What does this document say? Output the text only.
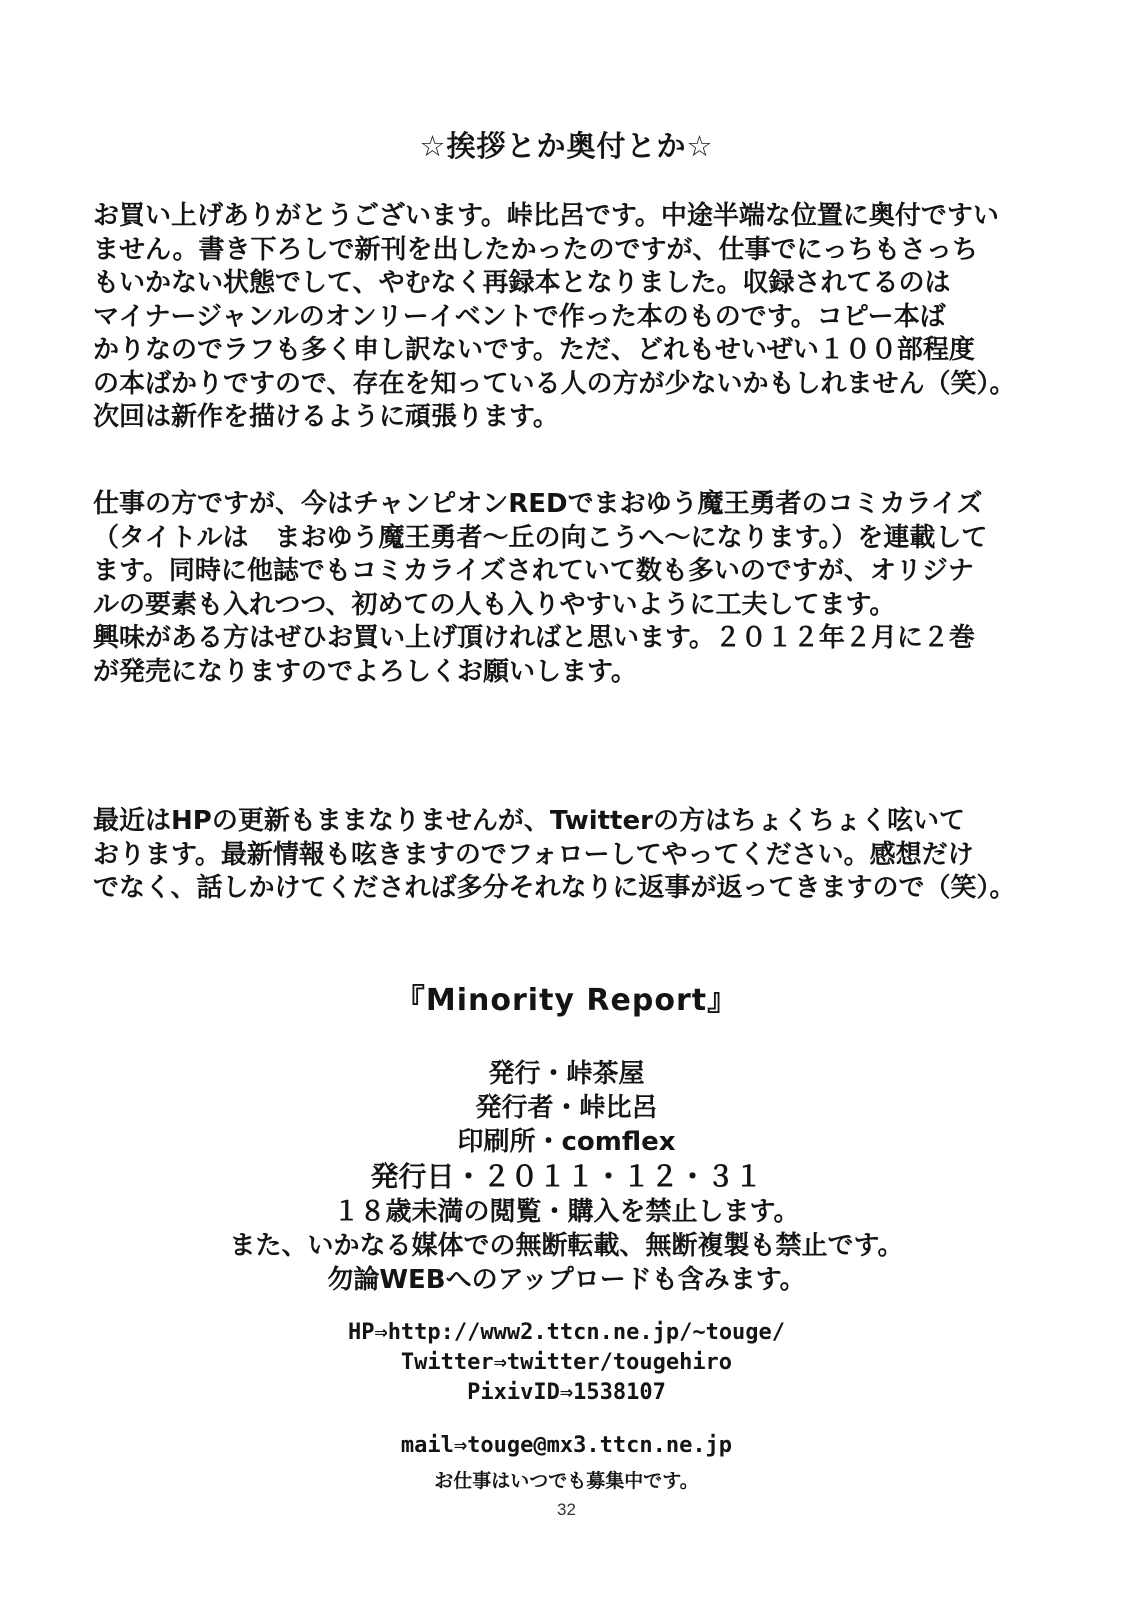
☆挨拶とか奥付とか☆

お買い上げありがとうございます。峠比呂です。中途半端な位置に奥付ですい
ません。書き下ろしで新刊を出したかったのですが、仕事でにっちもさっち
もいかない状態でして、やむなく再録本となりました。収録されてるのは
マイナージャンルのオンリーイベントで作った本のものです。コピー本ば
かりなのでラフも多く申し訳ないです。ただ、どれもせいぜい１００部程度
の本ばかりですので、存在を知っている人の方が少ないかもしれません（笑）。
次回は新作を描けるように頑張ります。

仕事の方ですが、今はチャンピオンREDでまおゆう魔王勇者のコミカライズ
（タイトルは　まおゆう魔王勇者～丘の向こうへ～になります。）を連載して
ます。同時に他誌でもコミカライズされていて数も多いのですが、オリジナ
ルの要素も入れつつ、初めての人も入りやすいように工夫してます。
興味がある方はぜひお買い上げ頂ければと思います。２０１２年２月に２巻
が発売になりますのでよろしくお願いします。

最近はHPの更新もままなりませんが、Twitterの方はちょくちょく呟いて
おります。最新情報も呟きますのでフォローしてやってください。感想だけ
でなく、話しかけてくだされば多分それなりに返事が返ってきますので（笑）。

『Minority Report』
発行・峠茶屋
発行者・峠比呂
印刷所・comflex
発行日・２０１１・１２・３１
１８歳未満の閲覧・購入を禁止します。
また、いかなる媒体での無断転載、無断複製も禁止です。
勿論WEBへのアップロードも含みます。
HP⇒http://www2.ttcn.ne.jp/~touge/
Twitter⇒twitter/tougehiro
PixivID⇒1538107
mail⇒touge@mx3.ttcn.ne.jp
お仕事はいつでも募集中です。
32
